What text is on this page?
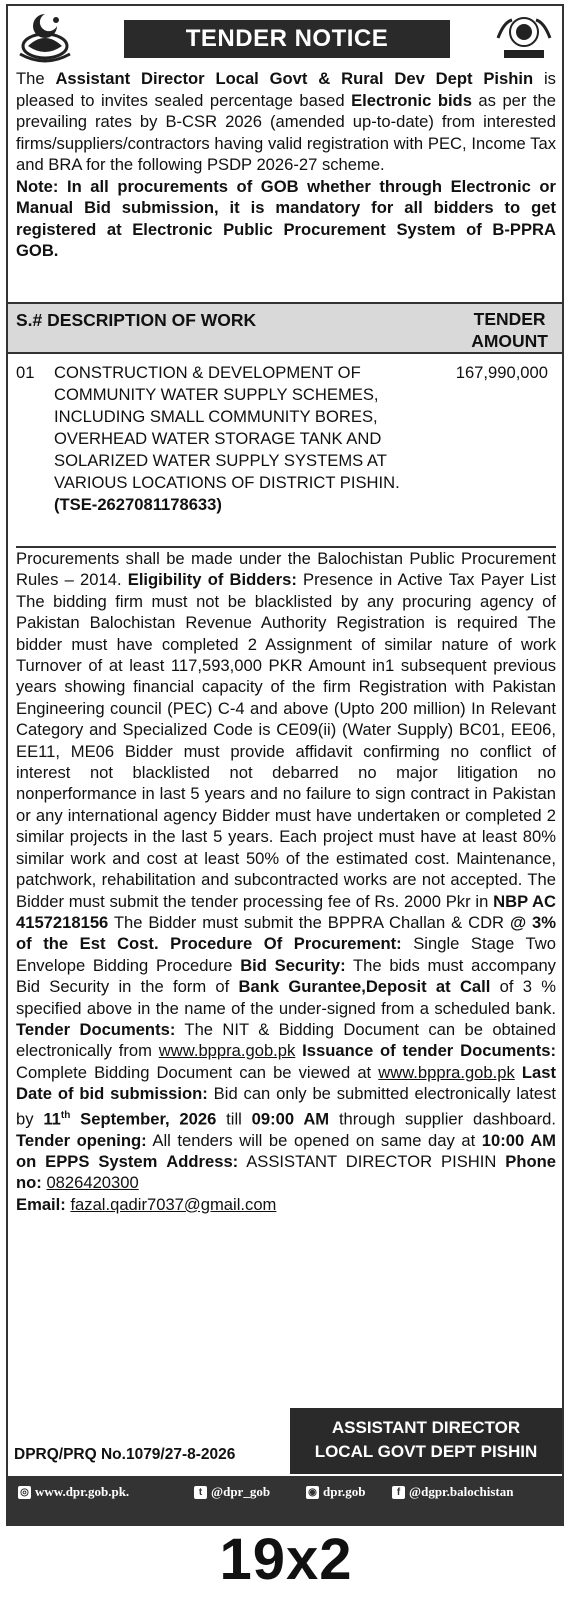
TENDER NOTICE
The Assistant Director Local Govt & Rural Dev Dept Pishin is pleased to invites sealed percentage based Electronic bids as per the prevailing rates by B-CSR 2026 (amended up-to-date) from interested firms/suppliers/contractors having valid registration with PEC, Income Tax and BRA for the following PSDP 2026-27 scheme.
Note: In all procurements of GOB whether through Electronic or Manual Bid submission, it is mandatory for all bidders to get registered at Electronic Public Procurement System of B-PPRA GOB.
S.# DESCRIPTION OF WORK	TENDER
AMOUNT
01 CONSTRUCTION & DEVELOPMENT OF COMMUNITY WATER SUPPLY SCHEMES, INCLUDING SMALL COMMUNITY BORES, OVERHEAD WATER STORAGE TANK AND SOLARIZED WATER SUPPLY SYSTEMS AT VARIOUS LOCATIONS OF DISTRICT PISHIN.
(TSE-2627081178633)
167,990,000
Procurements shall be made under the Balochistan Public Procurement Rules – 2014. Eligibility of Bidders: Presence in Active Tax Payer List The bidding firm must not be blacklisted by any procuring agency of Pakistan Balochistan Revenue Authority Registration is required The bidder must have completed 2 Assignment of similar nature of work Turnover of at least 117,593,000 PKR Amount in1 subsequent previous years showing financial capacity of the firm Registration with Pakistan Engineering council (PEC) C-4 and above (Upto 200 million) In Relevant Category and Specialized Code is CE09(ii) (Water Supply) BC01, EE06, EE11, ME06 Bidder must provide affidavit confirming no conflict of interest not blacklisted not debarred no major litigation no nonperformance in last 5 years and no failure to sign contract in Pakistan or any international agency Bidder must have undertaken or completed 2 similar projects in the last 5 years. Each project must have at least 80% similar work and cost at least 50% of the estimated cost. Maintenance, patchwork, rehabilitation and subcontracted works are not accepted. The Bidder must submit the tender processing fee of Rs. 2000 Pkr in NBP AC 4157218156 The Bidder must submit the BPPRA Challan & CDR @ 3% of the Est Cost. Procedure Of Procurement: Single Stage Two Envelope Bidding Procedure Bid Security: The bids must accompany Bid Security in the form of Bank Gurantee,Deposit at Call of 3 % specified above in the name of the under-signed from a scheduled bank. Tender Documents: The NIT & Bidding Document can be obtained electronically from www.bppra.gob.pk Issuance of tender Documents: Complete Bidding Document can be viewed at www.bppra.gob.pk Last Date of bid submission: Bid can only be submitted electronically latest by 11th September, 2026 till 09:00 AM through supplier dashboard. Tender opening: All tenders will be opened on same day at 10:00 AM on EPPS System Address: ASSISTANT DIRECTOR PISHIN Phone no: 0826420300
Email: fazal.qadir7037@gmail.com
ASSISTANT DIRECTOR
LOCAL GOVT DEPT PISHIN
DPRQ/PRQ No.1079/27-8-2026
◎ www.dpr.gob.pk.	t @dpr_gob	◉ dpr.gob	f @dgpr.balochistan
19x2
